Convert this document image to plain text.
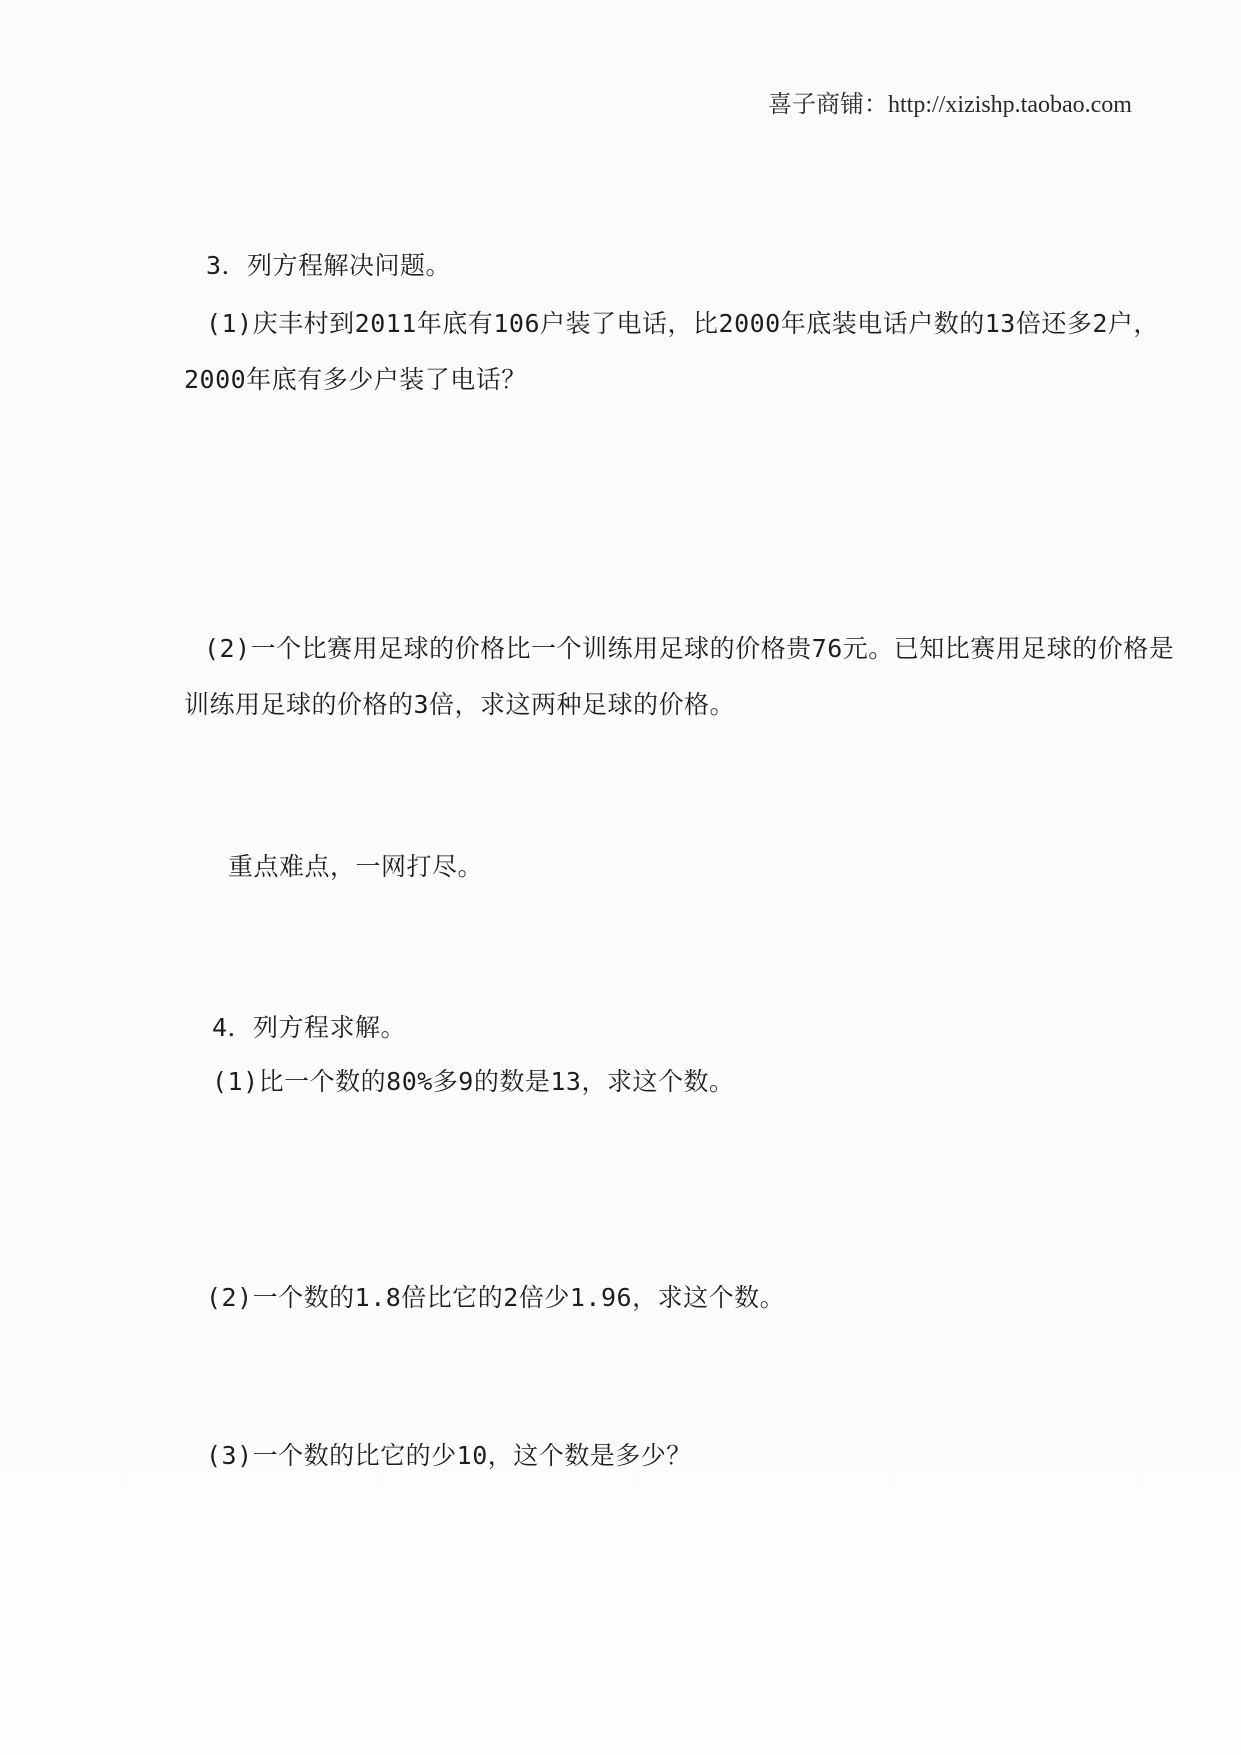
喜子商铺：http://xizishp.taobao.com
3．列方程解决问题。
(1)庆丰村到2011年底有106户装了电话，比2000年底装电话户数的13倍还多2户，
2000年底有多少户装了电话？
(2)一个比赛用足球的价格比一个训练用足球的价格贵76元。已知比赛用足球的价格是
训练用足球的价格的3倍，求这两种足球的价格。
重点难点，一网打尽。
4．列方程求解。
(1)比一个数的80%多9的数是13，求这个数。
(2)一个数的1.8倍比它的2倍少1.96，求这个数。
(3)一个数的比它的少10，这个数是多少？
